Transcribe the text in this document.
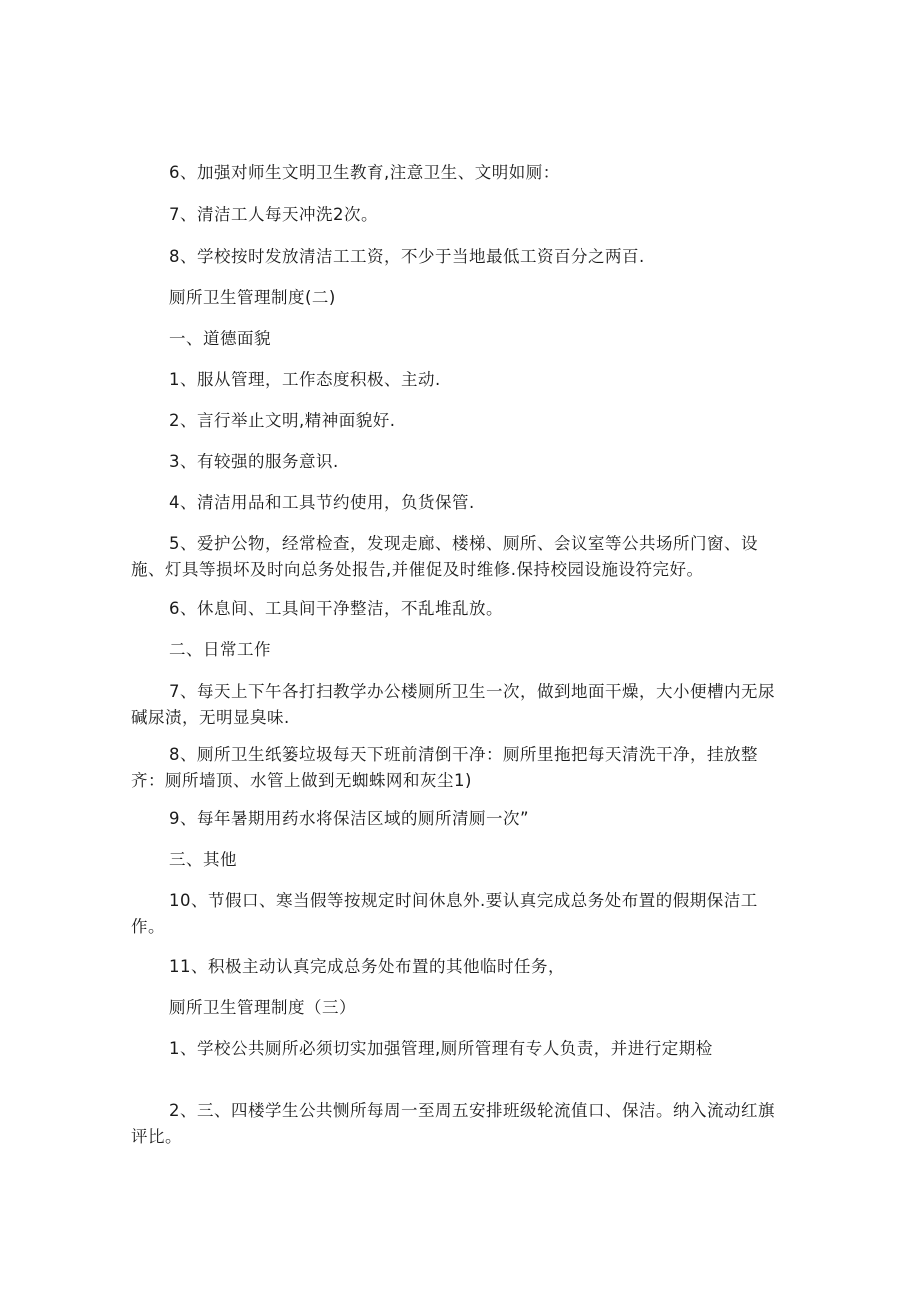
6、加强对师生文明卫生教育,注意卫生、文明如厕：

7、清洁工人每天冲洗2次。

8、学校按时发放清洁工工资，不少于当地最低工资百分之两百.

厕所卫生管理制度(二)

一、道德面貌

1、服从管理，工作态度积极、主动.

2、言行举止文明,精神面貌好.

3、有较强的服务意识.

4、清洁用品和工具节约使用，负货保管.

5、爱护公物，经常检查，发现走廊、楼梯、厕所、会议室等公共场所门窗、设施、灯具等损坏及时向总务处报告,并催促及时维修.保持校园设施设符完好。

6、休息间、工具间干净整洁，不乱堆乱放。

二、日常工作

7、每天上下午各打扫教学办公楼厕所卫生一次，做到地面干燥，大小便槽内无尿碱尿渍，无明显臭味.

8、厕所卫生纸篓垃圾每天下班前清倒干净：厕所里拖把每天清洗干净，挂放整齐：厕所墙顶、水管上做到无蜘蛛网和灰尘1)

9、每年暑期用药水将保洁区域的厕所清厕一次”

三、其他

10、节假口、寒当假等按规定时间休息外.要认真完成总务处布置的假期保洁工作。

11、积极主动认真完成总务处布置的其他临时任务，

厕所卫生管理制度（三）

1、学校公共厕所必须切实加强管理,厕所管理有专人负责，并进行定期检

2、三、四楼学生公共恻所每周一至周五安排班级轮流值口、保洁。纳入流动红旗评比。
